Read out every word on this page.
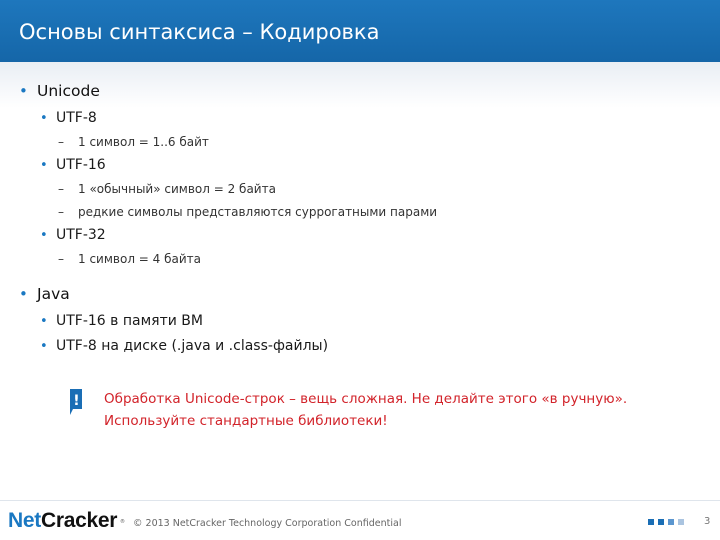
Основы синтаксиса – Кодировка
• Unicode
• UTF-8
–	1 символ = 1..6 байт
• UTF-16
–	1 «обычный» символ = 2 байта
–	редкие символы представляются суррогатными парами
• UTF-32
–	1 символ = 4 байта
• Java
• UTF-16 в памяти ВМ
• UTF-8 на диске (.java и .class-файлы)
! Обработка Unicode-строк – вещь сложная. Не делайте этого «в ручную».
Используйте стандартные библиотеки!
NetCracker ® © 2013 NetCracker Technology Corporation Confidential	3
